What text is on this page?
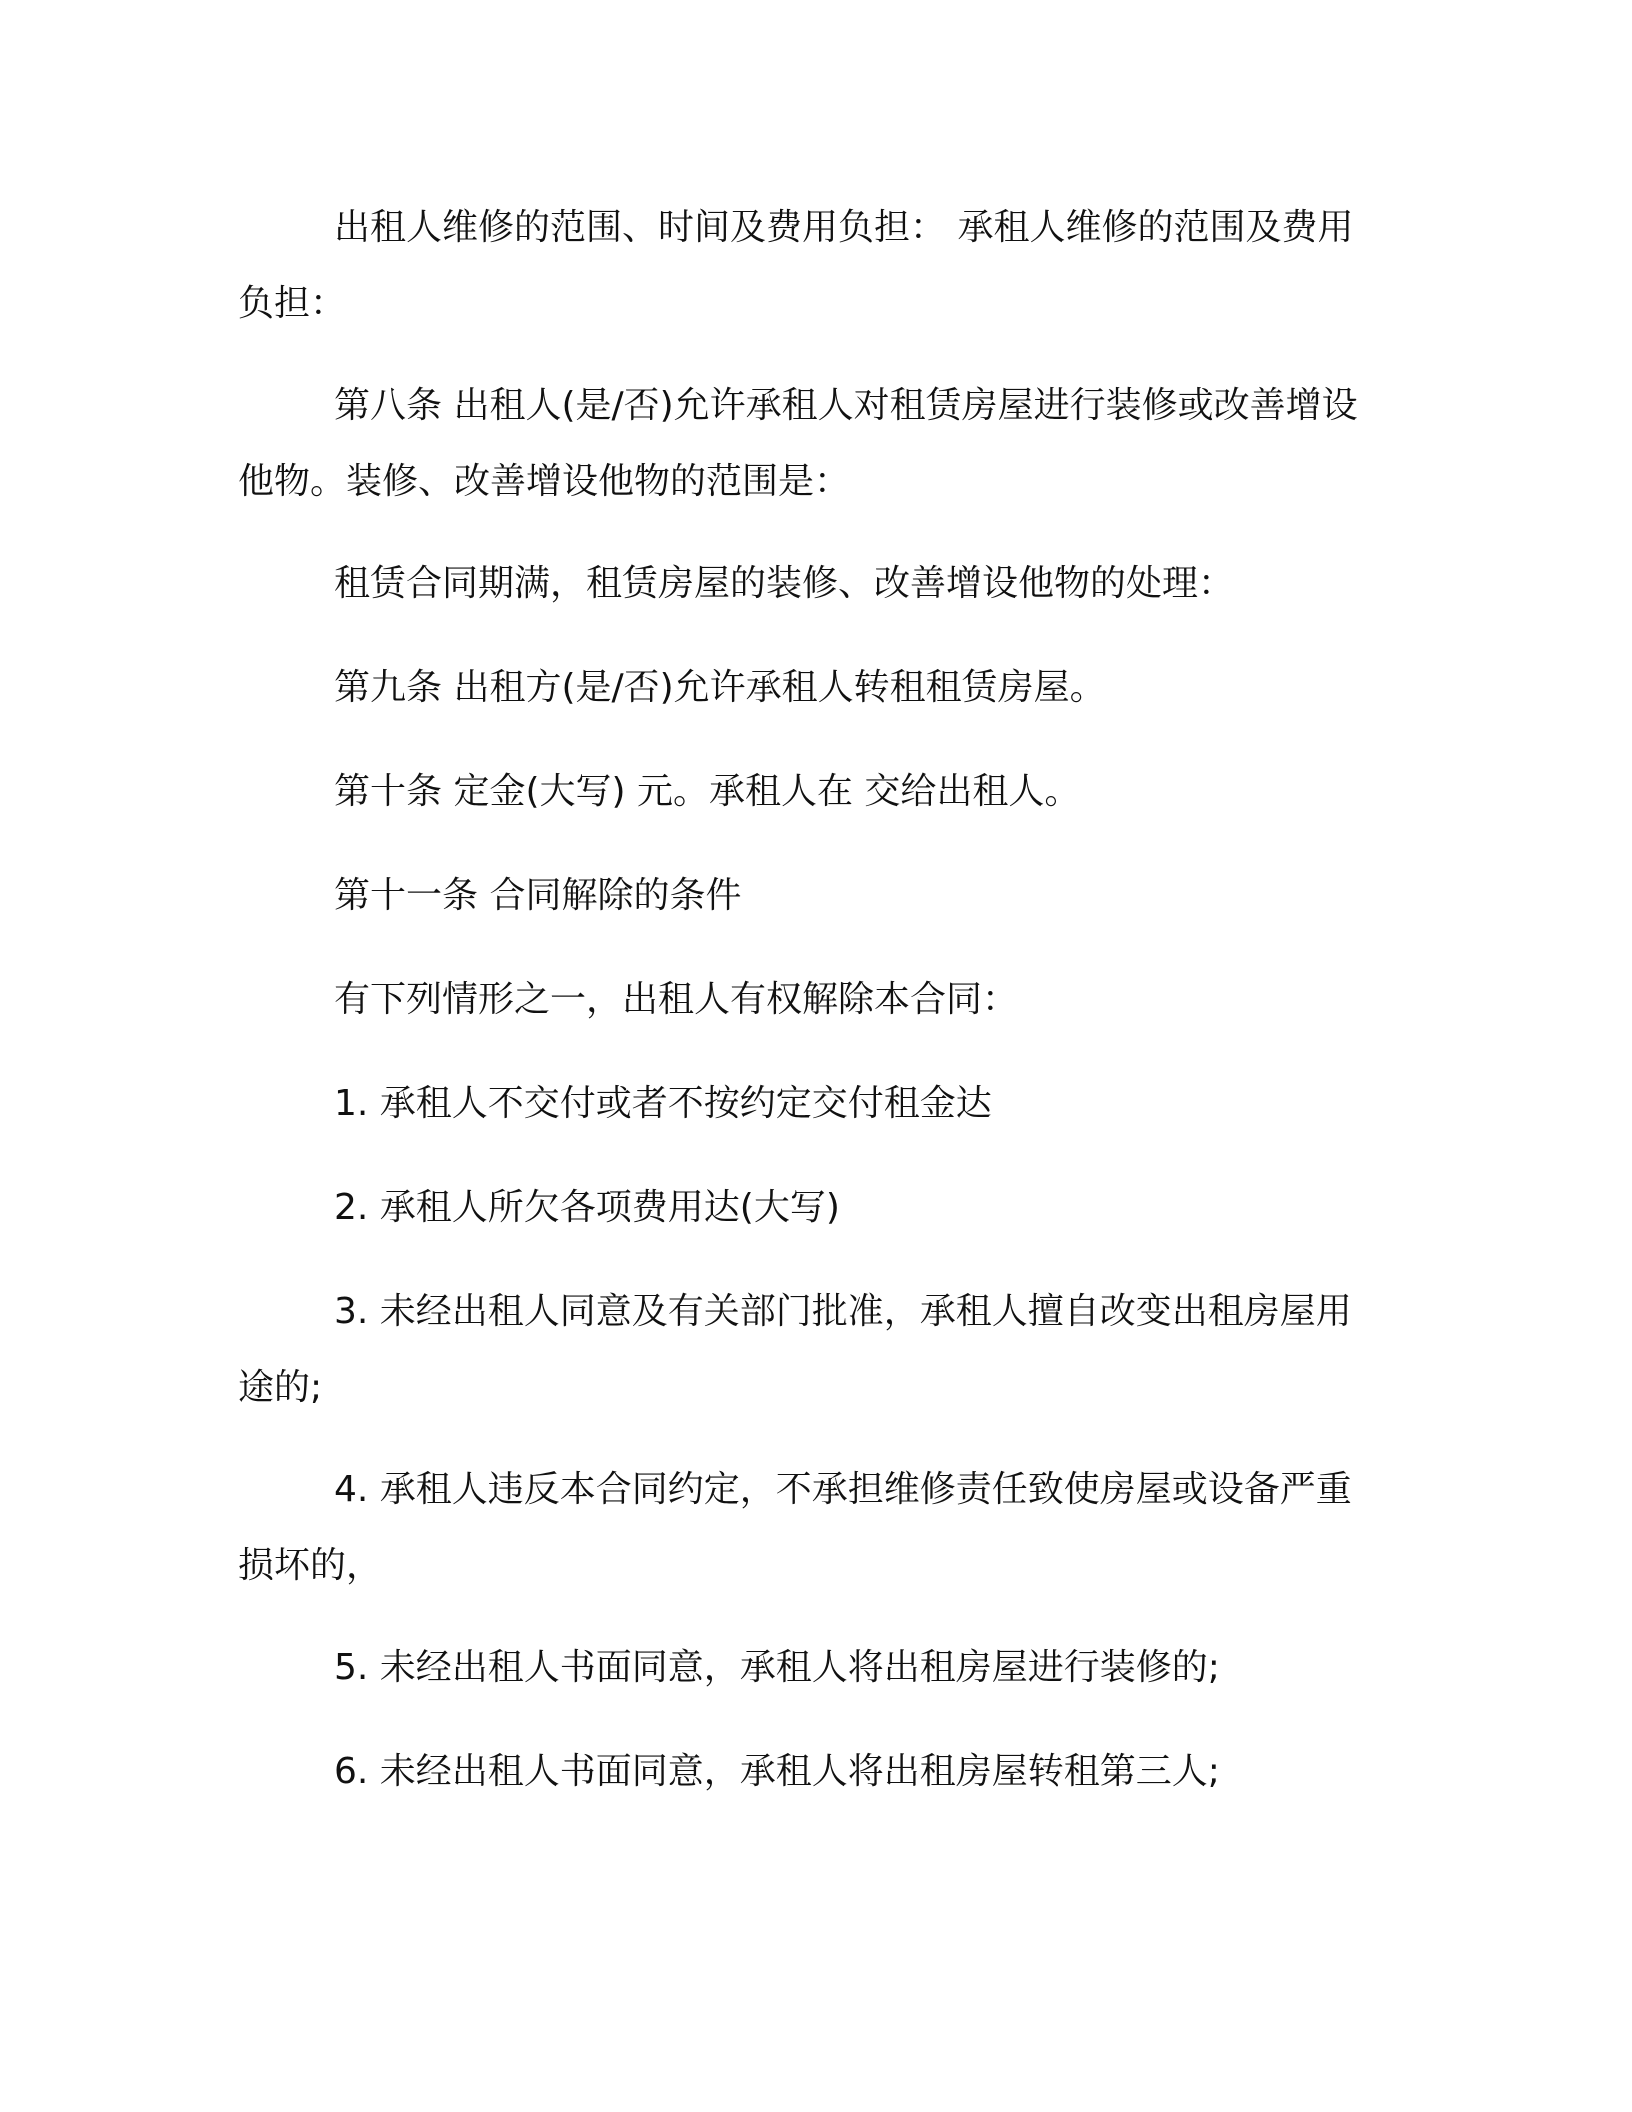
出租人维修的范围、时间及费用负担： 承租人维修的范围及费用负担：

第八条 出租人(是/否)允许承租人对租赁房屋进行装修或改善增设他物。装修、改善增设他物的范围是：

租赁合同期满，租赁房屋的装修、改善增设他物的处理：

第九条 出租方(是/否)允许承租人转租租赁房屋。

第十条 定金(大写) 元。承租人在 交给出租人。

第十一条 合同解除的条件

有下列情形之一，出租人有权解除本合同：

1. 承租人不交付或者不按约定交付租金达

2. 承租人所欠各项费用达(大写)

3. 未经出租人同意及有关部门批准，承租人擅自改变出租房屋用途的;

4. 承租人违反本合同约定，不承担维修责任致使房屋或设备严重损坏的，

5. 未经出租人书面同意，承租人将出租房屋进行装修的;

6. 未经出租人书面同意，承租人将出租房屋转租第三人;
